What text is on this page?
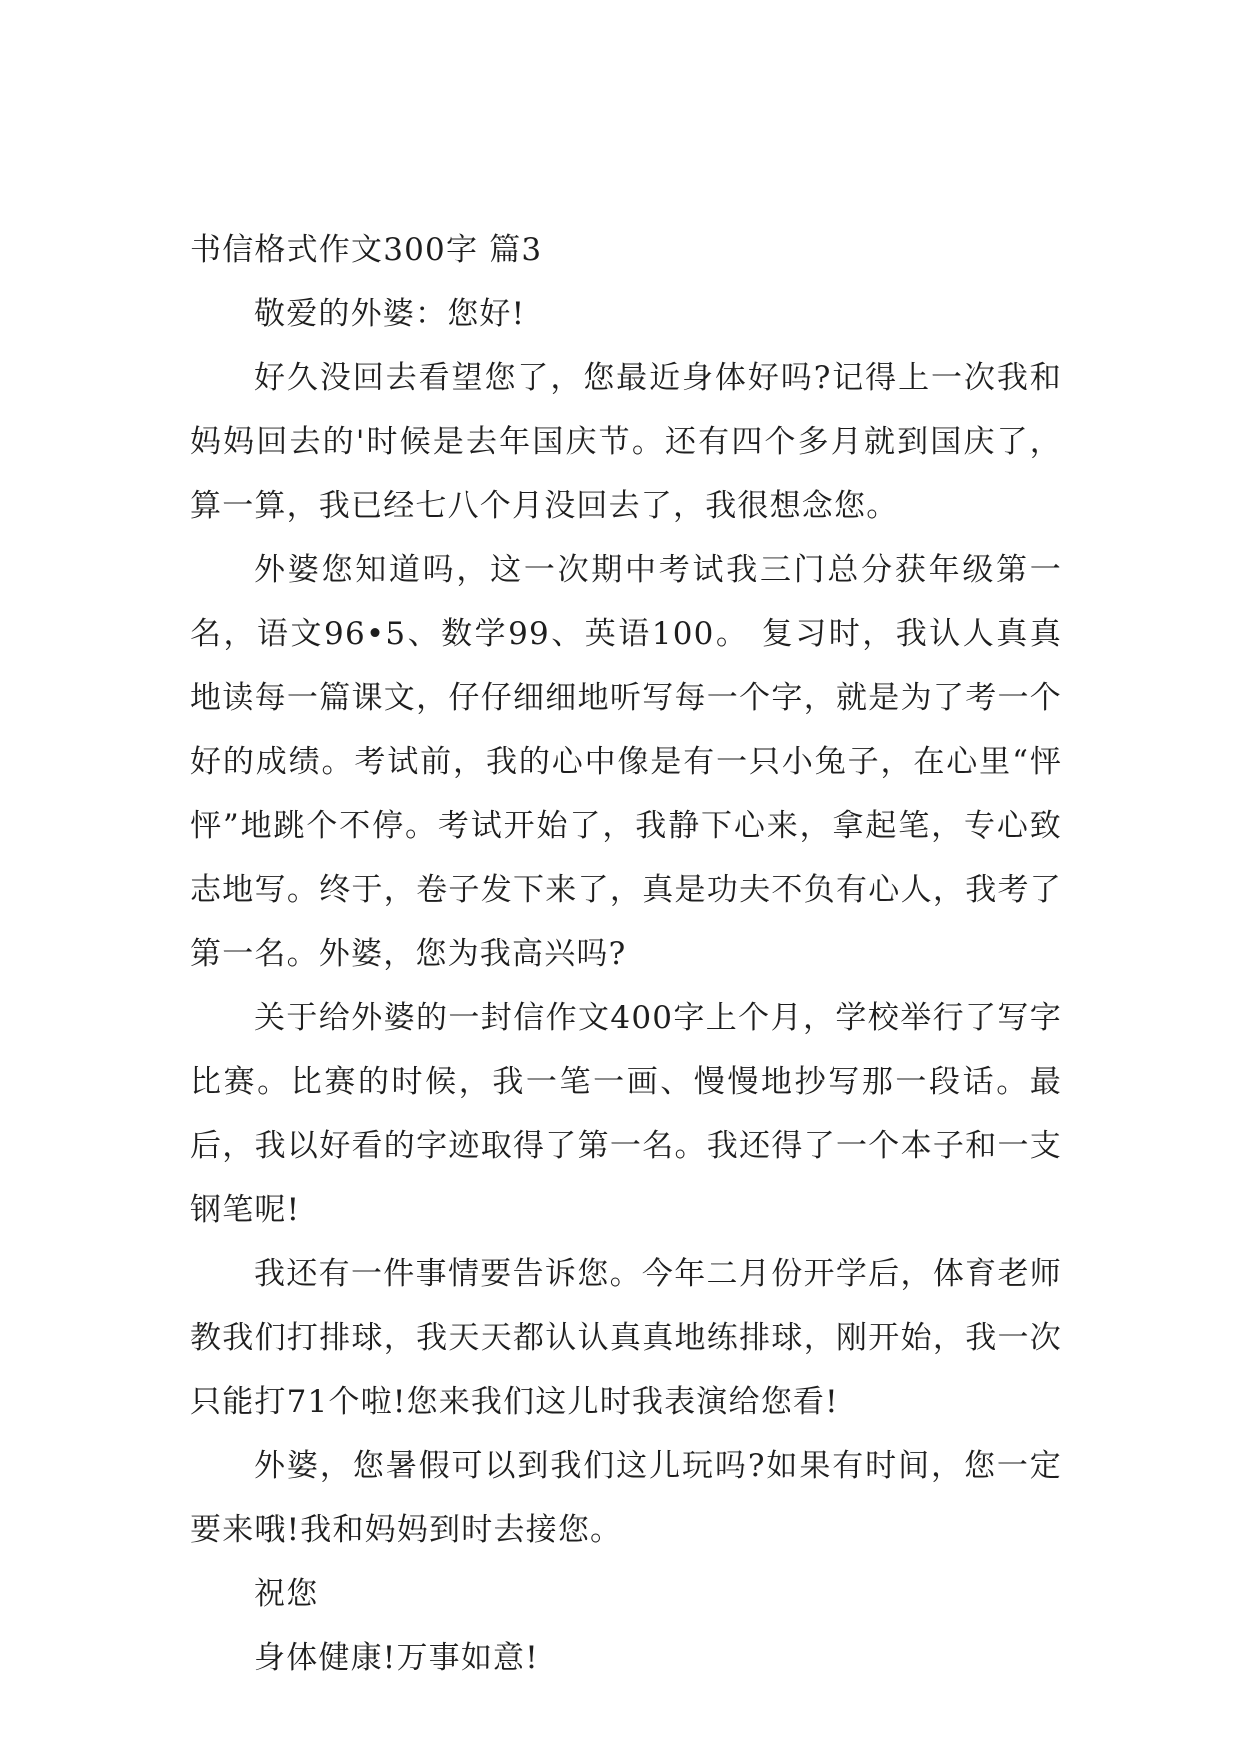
书信格式作文300字 篇3

敬爱的外婆：您好!

好久没回去看望您了，您最近身体好吗?记得上一次我和妈妈回去的'时候是去年国庆节。还有四个多月就到国庆了，算一算，我已经七八个月没回去了，我很想念您。

外婆您知道吗，这一次期中考试我三门总分获年级第一名，语文96•5、数学99、英语100。 复习时，我认人真真地读每一篇课文，仔仔细细地听写每一个字，就是为了考一个好的成绩。考试前，我的心中像是有一只小兔子，在心里“怦怦”地跳个不停。考试开始了，我静下心来，拿起笔，专心致志地写。终于，卷子发下来了，真是功夫不负有心人，我考了第一名。外婆，您为我高兴吗?

关于给外婆的一封信作文400字上个月，学校举行了写字比赛。比赛的时候，我一笔一画、慢慢地抄写那一段话。最后，我以好看的字迹取得了第一名。我还得了一个本子和一支钢笔呢!

我还有一件事情要告诉您。今年二月份开学后，体育老师教我们打排球，我天天都认认真真地练排球，刚开始，我一次只能打71个啦!您来我们这儿时我表演给您看!

外婆，您暑假可以到我们这儿玩吗?如果有时间，您一定要来哦!我和妈妈到时去接您。

祝您

身体健康!万事如意!
